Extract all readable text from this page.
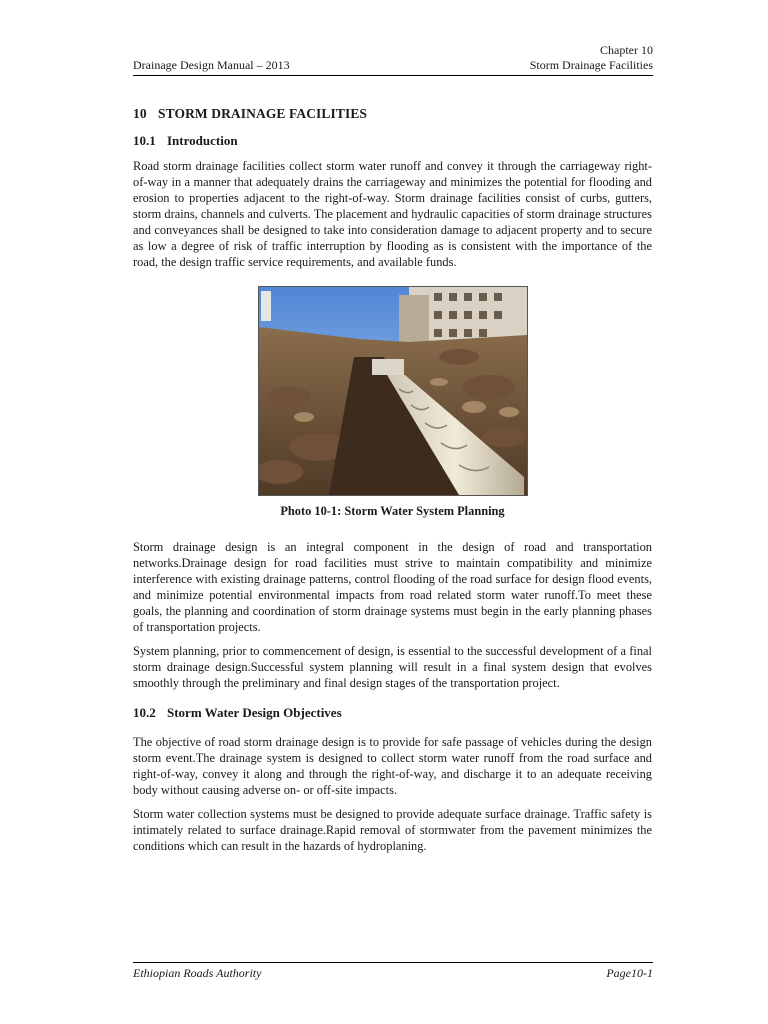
Chapter 10
Drainage Design Manual – 2013	Storm Drainage Facilities
10 STORM DRAINAGE FACILITIES
10.1 Introduction

Road storm drainage facilities collect storm water runoff and convey it through the carriageway right-of-way in a manner that adequately drains the carriageway and minimizes the potential for flooding and erosion to properties adjacent to the right-of-way. Storm drainage facilities consist of curbs, gutters, storm drains, channels and culverts. The placement and hydraulic capacities of storm drainage structures and conveyances shall be designed to take into consideration damage to adjacent property and to secure as low a degree of risk of traffic interruption by flooding as is consistent with the importance of the road, the design traffic service requirements, and available funds.

Photo 10-1: Storm Water System Planning

Storm drainage design is an integral component in the design of road and transportation networks.Drainage design for road facilities must strive to maintain compatibility and minimize interference with existing drainage patterns, control flooding of the road surface for design flood events, and minimize potential environmental impacts from road related storm water runoff.To meet these goals, the planning and coordination of storm drainage systems must begin in the early planning phases of transportation projects.

System planning, prior to commencement of design, is essential to the successful development of a final storm drainage design.Successful system planning will result in a final system design that evolves smoothly through the preliminary and final design stages of the transportation project.

10.2 Storm Water Design Objectives

The objective of road storm drainage design is to provide for safe passage of vehicles during the design storm event.The drainage system is designed to collect storm water runoff from the road surface and right-of-way, convey it along and through the right-of-way, and discharge it to an adequate receiving body without causing adverse on- or off-site impacts.

Storm water collection systems must be designed to provide adequate surface drainage. Traffic safety is intimately related to surface drainage.Rapid removal of stormwater from the pavement minimizes the conditions which can result in the hazards of hydroplaning.

Ethiopian Roads Authority	Page10-1
